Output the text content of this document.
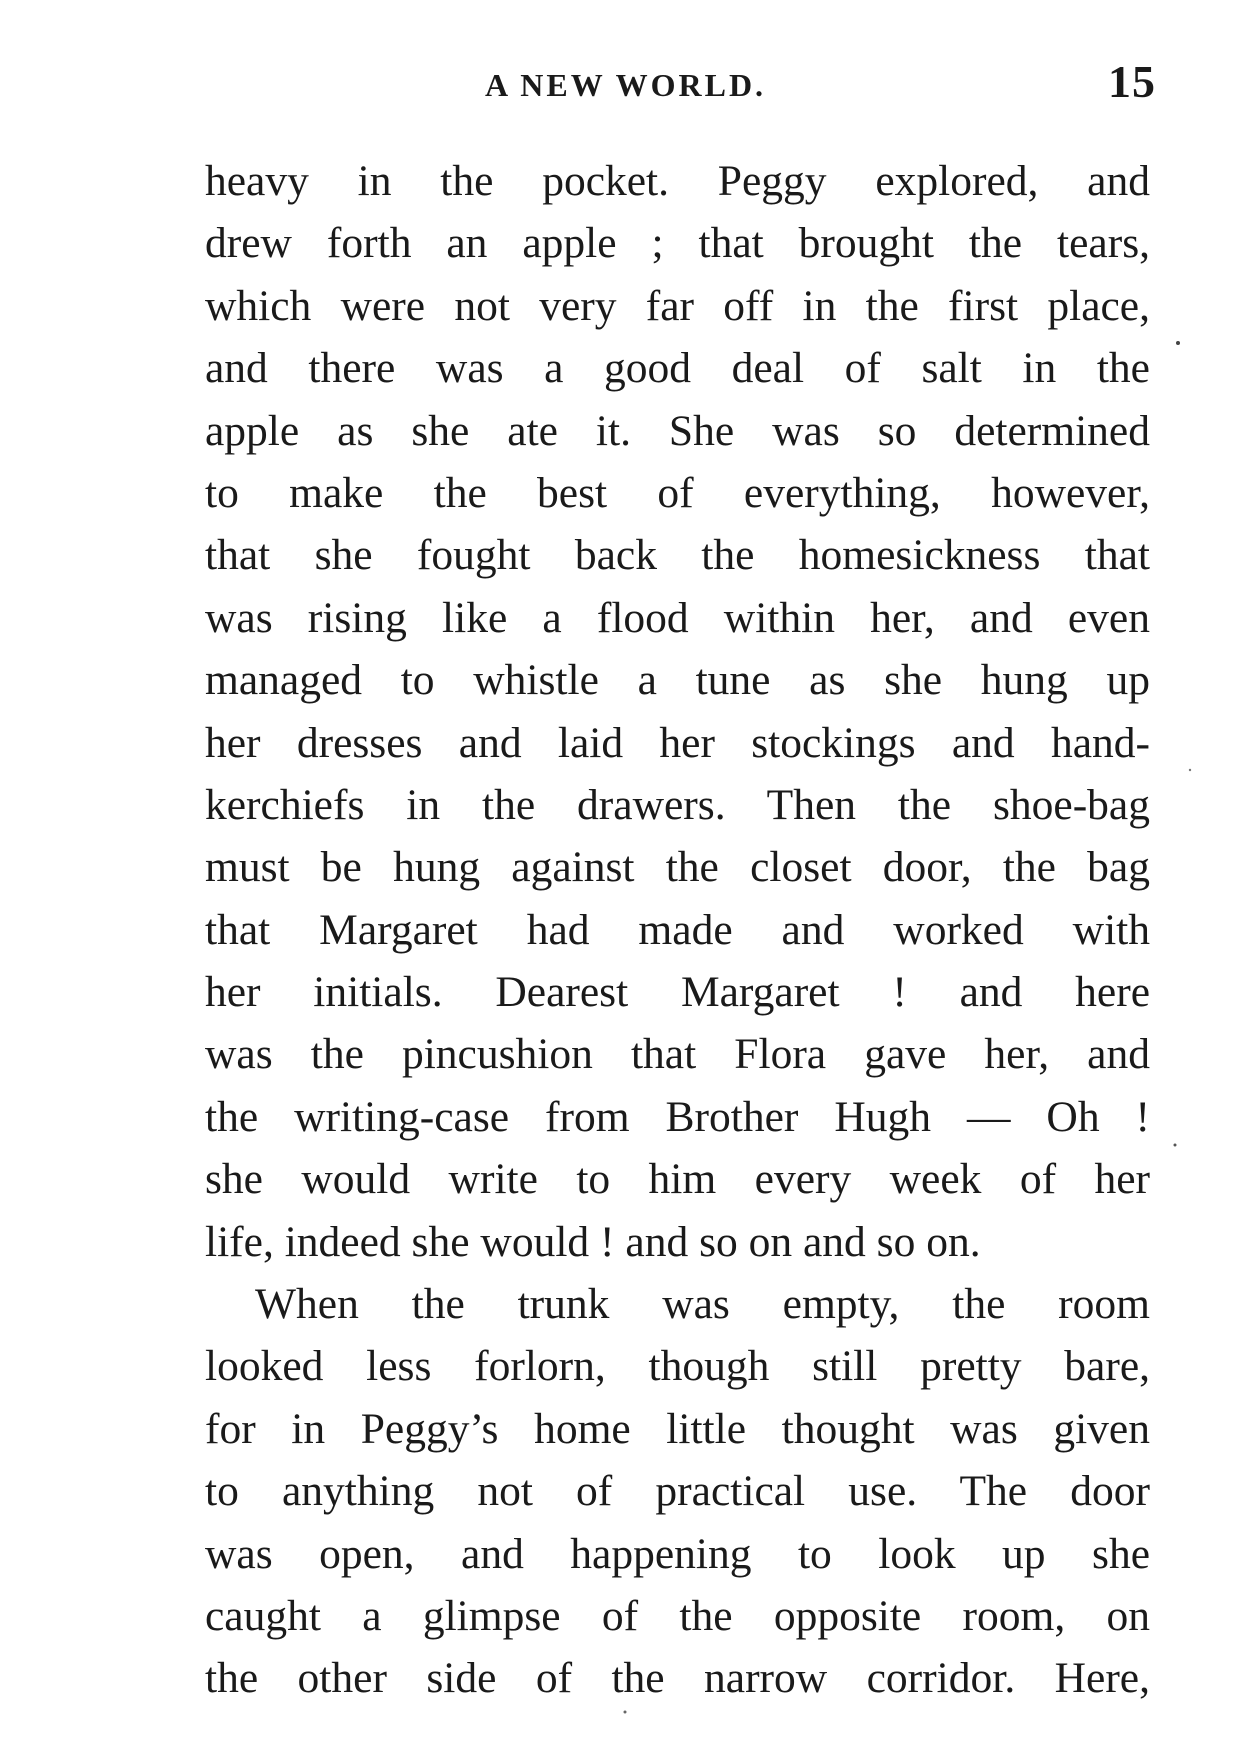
A NEW WORLD.	15
heavy in the pocket. Peggy explored, and
drew forth an apple ; that brought the tears,
which were not very far off in the first place,
and there was a good deal of salt in the
apple as she ate it. She was so determined
to make the best of everything, however,
that she fought back the homesickness that
was rising like a flood within her, and even
managed to whistle a tune as she hung up
her dresses and laid her stockings and hand-
kerchiefs in the drawers. Then the shoe-bag
must be hung against the closet door, the bag
that Margaret had made and worked with
her initials. Dearest Margaret ! and here
was the pincushion that Flora gave her, and
the writing-case from Brother Hugh — Oh !
she would write to him every week of her
life, indeed she would ! and so on and so on.
When the trunk was empty, the room
looked less forlorn, though still pretty bare,
for in Peggy’s home little thought was given
to anything not of practical use. The door
was open, and happening to look up she
caught a glimpse of the opposite room, on
the other side of the narrow corridor. Here,
